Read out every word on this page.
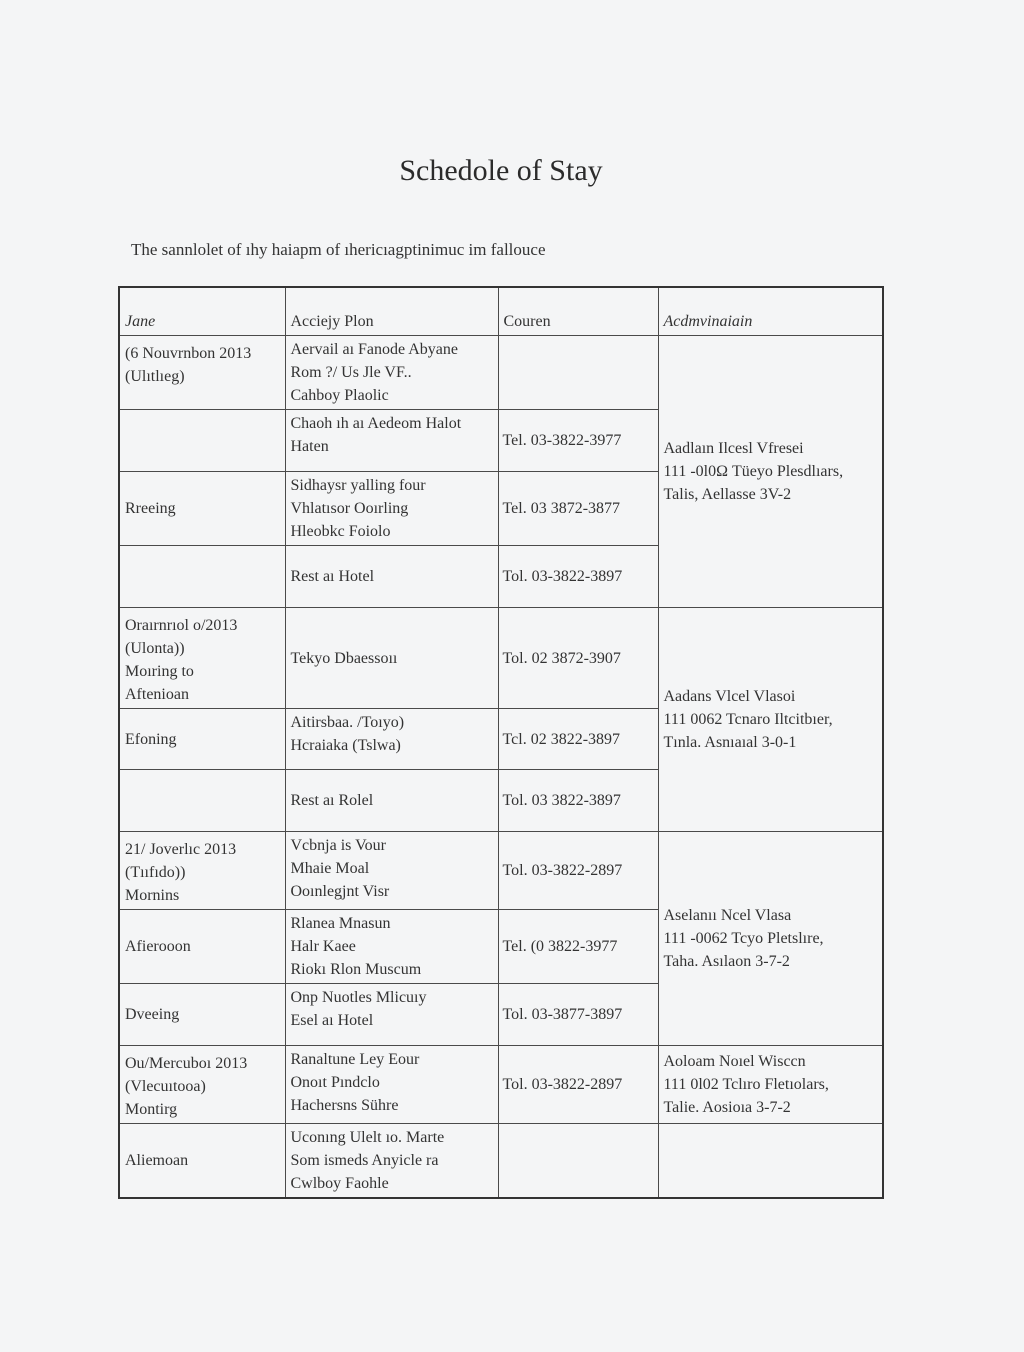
Schedole of Stay
The sannlolet of ıhy haiapm of ıhericıagptinimuc im fallouce
Jane	Acciejy Plon	Couren	Acdmvinaiain

(6 Nouvrnbon 2013
(Ulıtlıeg)	Aervail aı Fanode Abyane
Rom ?/ Us Jle VF..
Cahboy Plaolic		Aadlaın Ilcesl Vfresei
111 -0l0Ω Tüeyo Plesdlıars,
Talis, Aellasse 3V-2

	Chaoh ıh aı Aedeom Halot
Haten	Tel. 03-3822-3977	
Rreeing	Sidhaysr yalling four
Vhlatısor Ooırling
Hleobkc Foiolo	Tel. 03 3872-3877	
	Rest aı Hotel	Tol. 03-3822-3897	

Oraırnrıol o/2013
(Ulonta))
Moıring to
Aftenioan	Tekyo Dbaessoıı	Tol. 02 3872-3907	Aadans Vlcel Vlasoi
111 0062 Tcnaro Iltcitbıer,
Tınla. Asnıaıal 3-0-1

Efoning	Aitirsbaa. /Toıyo)
Hcraiaka (Tslwa)	Tcl. 02 3822-3897	
	Rest aı Rolel	Tol. 03 3822-3897	

21/ Joverlıc 2013
(Tııfıdo))
Mornins	Vcbnja is Vour
Mhaie Moal
Ooınlegjnt Visr	Tol. 03-3822-2897	Aselanıı Ncel Vlasa
111 -0062 Tcyo Pletslıre,
Taha. Asılaon 3-7-2

Afierooon	Rlanea Mnasun
Halr Kaee
Riokı Rlon Muscum	Tel. (0 3822-3977	
Dveeing	Onp Nuotles Mlicuıy
Esel aı Hotel	Tol. 03-3877-3897	

Ou/Mercuboı 2013
(Vlecuıtooa)
Montirg	Ranaltune Ley Eour
Onoıt Pındclo
Hachersns Sühre	Tol. 03-3822-2897	Aoloam Noıel Wisccn
111 0l02 Tclıro Fletıolars,
Talie. Aosioıa 3-7-2

Aliemoan	Uconıng Ulelt ıo. Marte
Som ismeds Anyicle ra
Cwlboy Faohle		
